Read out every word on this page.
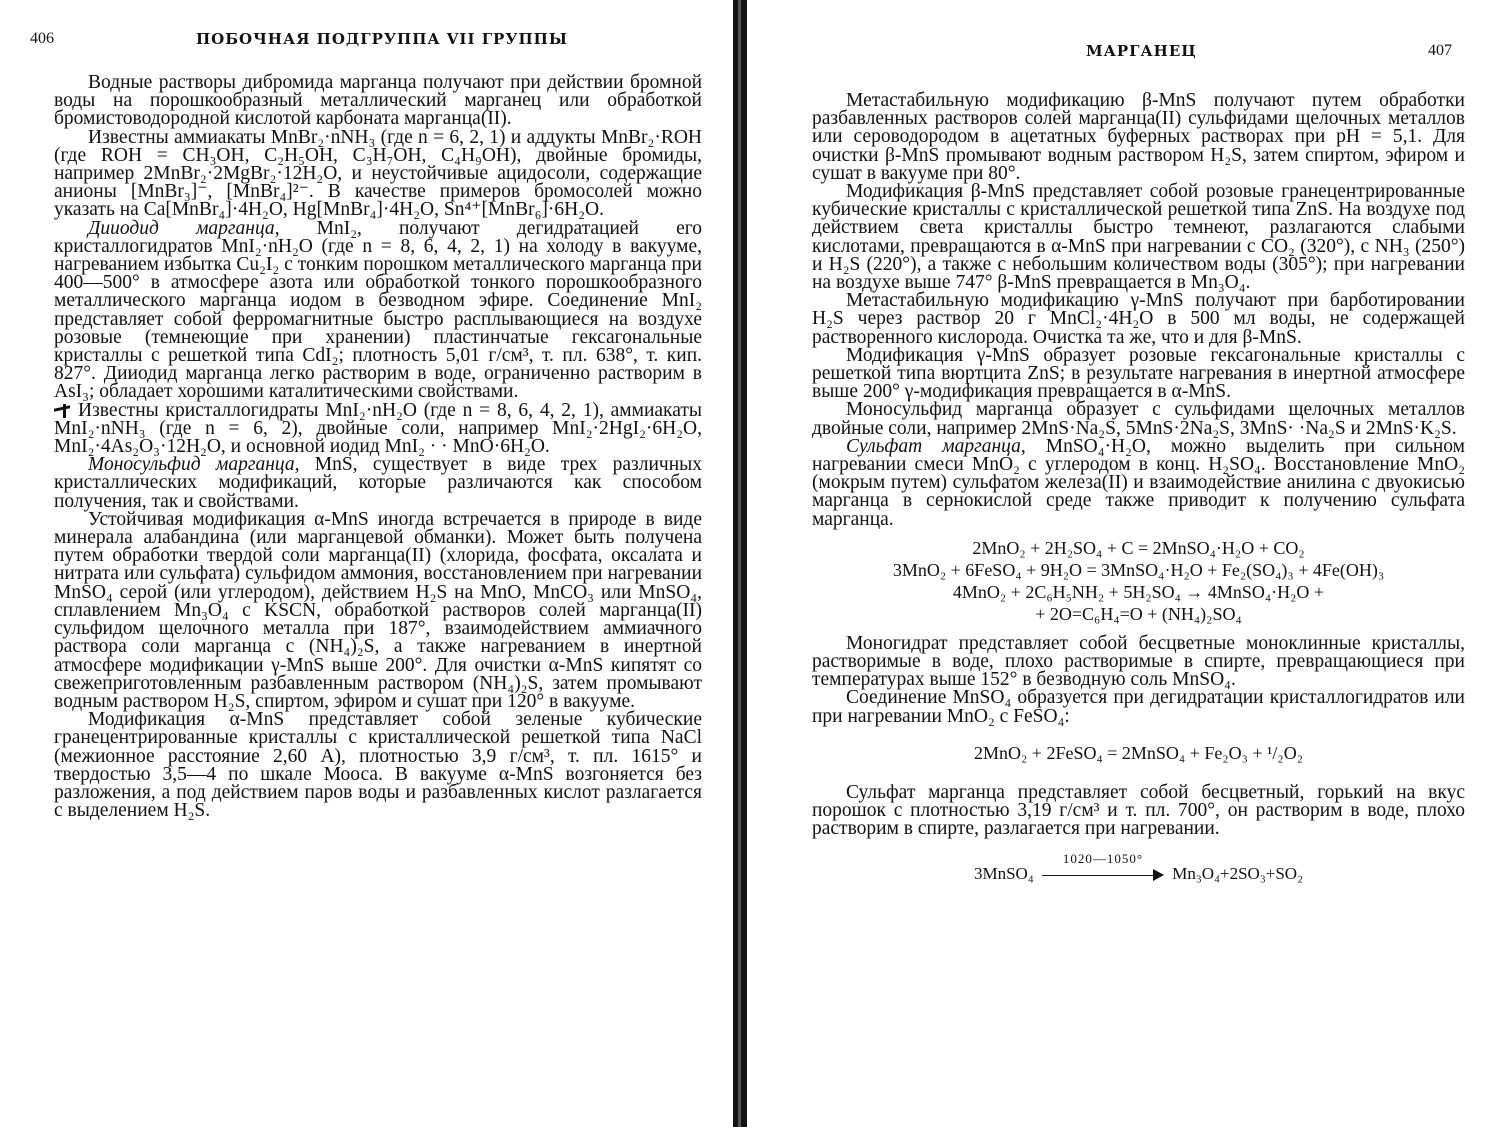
406	ПОБОЧНАЯ ПОДГРУППА VII ГРУППЫ

Водные растворы дибромида марганца получают при действии бромной воды на порошкообразный металлический марганец или обработкой бромистоводородной кислотой карбоната марганца(II).

Известны аммиакаты MnBr₂·nNH₃ (где n = 6, 2, 1) и аддукты MnBr₂·ROH (где ROH = CH₃OH, C₂H₅OH, C₃H₇OH, C₄H₉OH), двойные бромиды, например 2MnBr₂·2MgBr₂·12H₂O, и неустойчивые ацидосоли, содержащие анионы [MnBr₃]⁻, [MnBr₄]²⁻. В качестве примеров бромосолей можно указать на Ca[MnBr₄]·4H₂O, Hg[MnBr₄]·4H₂O, Sn⁴⁺[MnBr₆]·6H₂O.

Дииодид марганца, MnI₂, получают дегидратацией его кристаллогидратов MnI₂·nH₂O (где n = 8, 6, 4, 2, 1) на холоду в вакууме, нагреванием избытка Cu₂I₂ с тонким порошком металлического марганца при 400—500° в атмосфере азота или обработкой тонкого порошкообразного металлического марганца иодом в безводном эфире. Соединение MnI₂ представляет собой ферромагнитные быстро расплывающиеся на воздухе розовые (темнеющие при хранении) пластинчатые гексагональные кристаллы с решеткой типа CdI₂; плотность 5,01 г/см³, т. пл. 638°, т. кип. 827°. Дииодид марганца легко растворим в воде, ограниченно растворим в AsI₃; обладает хорошими каталитическими свойствами.

Известны кристаллогидраты MnI₂·nH₂O (где n = 8, 6, 4, 2, 1), аммиакаты MnI₂·nNH₃ (где n = 6, 2), двойные соли, например MnI₂·2HgI₂·6H₂O, MnI₂·4As₂O₃·12H₂O, и основной иодид MnI₂ · · MnO·6H₂O.

Моносульфид марганца, MnS, существует в виде трех различных кристаллических модификаций, которые различаются как способом получения, так и свойствами.

Устойчивая модификация α-MnS иногда встречается в природе в виде минерала алабандина (или марганцевой обманки). Может быть получена путем обработки твердой соли марганца(II) (хлорида, фосфата, оксалата и нитрата или сульфата) сульфидом аммония, восстановлением при нагревании MnSO₄ серой (или углеродом), действием H₂S на MnO, MnCO₃ или MnSO₄, сплавлением Mn₃O₄ с KSCN, обработкой растворов солей марганца(II) сульфидом щелочного металла при 187°, взаимодействием аммиачного раствора соли марганца с (NH₄)₂S, а также нагреванием в инертной атмосфере модификации γ-MnS выше 200°. Для очистки α-MnS кипятят со свежеприготовленным разбавленным раствором (NH₄)₂S, затем промывают водным раствором H₂S, спиртом, эфиром и сушат при 120° в вакууме.

Модификация α-MnS представляет собой зеленые кубические гранецентрированные кристаллы с кристаллической решеткой типа NaCl (межионное расстояние 2,60 A), плотностью 3,9 г/см³, т. пл. 1615° и твердостью 3,5—4 по шкале Мооса. В вакууме α-MnS возгоняется без разложения, а под действием паров воды и разбавленных кислот разлагается с выделением H₂S.

МАРГАНЕЦ	407

Метастабильную модификацию β-MnS получают путем обработки разбавленных растворов солей марганца(II) сульфидами щелочных металлов или сероводородом в ацетатных буферных растворах при pH = 5,1. Для очистки β-MnS промывают водным раствором H₂S, затем спиртом, эфиром и сушат в вакууме при 80°.

Модификация β-MnS представляет собой розовые гранецентрированные кубические кристаллы с кристаллической решеткой типа ZnS. На воздухе под действием света кристаллы быстро темнеют, разлагаются слабыми кислотами, превращаются в α-MnS при нагревании с CO₂ (320°), с NH₃ (250°) и H₂S (220°), а также с небольшим количеством воды (305°); при нагревании на воздухе выше 747° β-MnS превращается в Mn₃O₄.

Метастабильную модификацию γ-MnS получают при барботировании H₂S через раствор 20 г MnCl₂·4H₂O в 500 мл воды, не содержащей растворенного кислорода. Очистка та же, что и для β-MnS.

Модификация γ-MnS образует розовые гексагональные кристаллы с решеткой типа вюртцита ZnS; в результате нагревания в инертной атмосфере выше 200° γ-модификация превращается в α-MnS.

Моносульфид марганца образует с сульфидами щелочных металлов двойные соли, например 2MnS·Na₂S, 5MnS·2Na₂S, 3MnS· ·Na₂S и 2MnS·K₂S.

Сульфат марганца, MnSO₄·H₂O, можно выделить при сильном нагревании смеси MnO₂ с углеродом в конц. H₂SO₄. Восстановление MnO₂ (мокрым путем) сульфатом железа(II) и взаимодействие анилина с двуокисью марганца в сернокислой среде также приводит к получению сульфата марганца.

2MnO₂ + 2H₂SO₄ + C = 2MnSO₄·H₂O + CO₂

3MnO₂ + 6FeSO₄ + 9H₂O = 3MnSO₄·H₂O + Fe₂(SO₄)₃ + 4Fe(OH)₃

4MnO₂ + 2C₆H₅NH₂ + 5H₂SO₄ → 4MnSO₄·H₂O +

+ 2O=C₆H₄=O + (NH₄)₂SO₄

Моногидрат представляет собой бесцветные моноклинные кристаллы, растворимые в воде, плохо растворимые в спирте, превращающиеся при температурах выше 152° в безводную соль MnSO₄.

Соединение MnSO₄ образуется при дегидратации кристаллогидратов или при нагревании MnO₂ с FeSO₄:

2MnO₂ + 2FeSO₄ = 2MnSO₄ + Fe₂O₃ + ¹/₂O₂

Сульфат марганца представляет собой бесцветный, горький на вкус порошок с плотностью 3,19 г/см³ и т. пл. 700°, он растворим в воде, плохо растворим в спирте, разлагается при нагревании.

3MnSO₄
1020—1050°
Mn₃O₄+2SO₃+SO₂
